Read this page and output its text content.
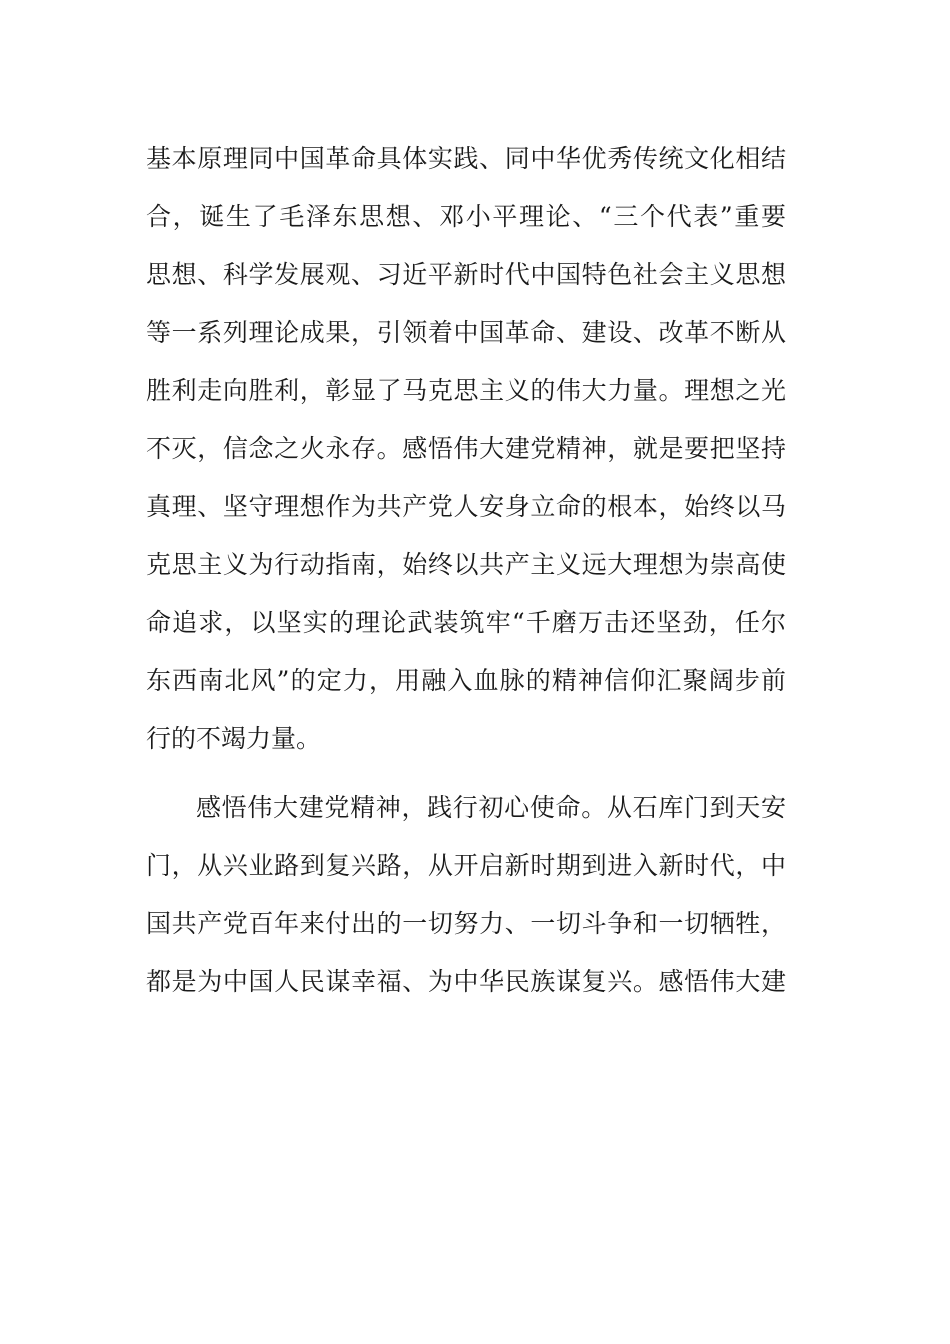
基本原理同中国革命具体实践、同中华优秀传统文化相结
合，诞生了毛泽东思想、邓小平理论、“三个代表”重要
思想、科学发展观、习近平新时代中国特色社会主义思想
等一系列理论成果，引领着中国革命、建设、改革不断从
胜利走向胜利，彰显了马克思主义的伟大力量。理想之光
不灭，信念之火永存。感悟伟大建党精神，就是要把坚持
真理、坚守理想作为共产党人安身立命的根本，始终以马
克思主义为行动指南，始终以共产主义远大理想为崇高使
命追求，以坚实的理论武装筑牢“千磨万击还坚劲，任尔
东西南北风”的定力，用融入血脉的精神信仰汇聚阔步前
行的不竭力量。
感悟伟大建党精神，践行初心使命。从石库门到天安
门，从兴业路到复兴路，从开启新时期到进入新时代，中
国共产党百年来付出的一切努力、一切斗争和一切牺牲，
都是为中国人民谋幸福、为中华民族谋复兴。感悟伟大建
